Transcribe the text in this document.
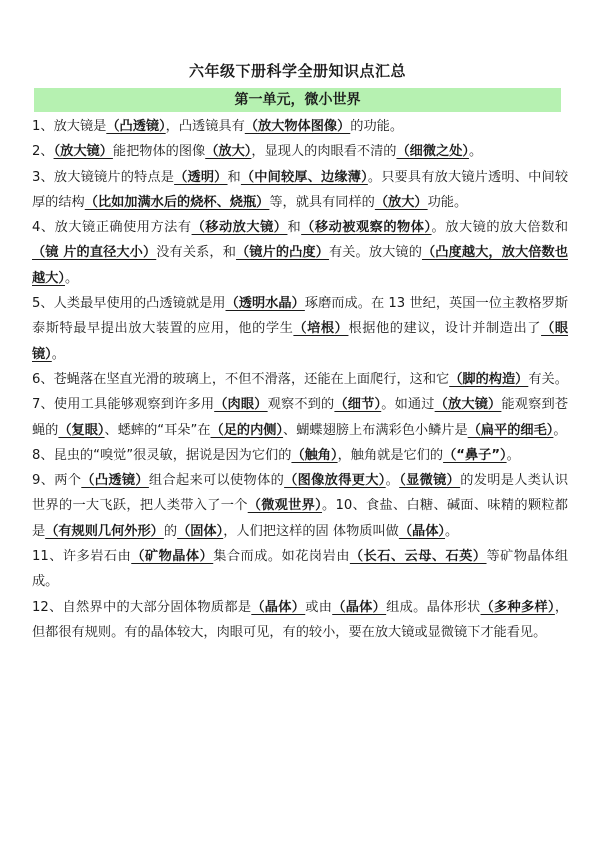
六年级下册科学全册知识点汇总
第一单元，微小世界

1、放大镜是（凸透镜），凸透镜具有（放大物体图像）的功能。

2、（放大镜）能把物体的图像（放大），显现人的肉眼看不清的（细微之处）。

3、放大镜镜片的特点是（透明）和（中间较厚、边缘薄）。只要具有放大镜片透明、中间较 厚的结构（比如加满水后的烧杯、烧瓶）等，就具有同样的（放大）功能。

4、放大镜正确使用方法有（移动放大镜）和（移动被观察的物体）。放大镜的放大倍数和（镜 片的直径大小）没有关系，和（镜片的凸度）有关。放大镜的（凸度越大，放大倍数也越大）。

5、人类最早使用的凸透镜就是用（透明水晶）琢磨而成。在 13 世纪，英国一位主教格罗斯 泰斯特最早提出放大装置的应用，他的学生（培根）根据他的建议，设计并制造出了（眼镜）。

6、苍蝇落在坚直光滑的玻璃上，不但不滑落，还能在上面爬行，这和它（脚的构造）有关。

7、使用工具能够观察到许多用（肉眼）观察不到的（细节）。如通过（放大镜）能观察到苍 蝇的（复眼）、蟋蟀的“耳朵”在（足的内侧）、蝴蝶翅膀上布满彩色小鳞片是（扁平的细毛）。

8、昆虫的“嗅觉”很灵敏，据说是因为它们的（触角），触角就是它们的（“鼻子”）。

9、两个（凸透镜）组合起来可以使物体的（图像放得更大）。（显微镜）的发明是人类认识 世界的一大飞跃，把人类带入了一个（微观世界）。10、食盐、白糖、碱面、味精的颗粒都是（有规则几何外形）的（固体），人们把这样的固 体物质叫做（晶体）。

11、许多岩石由（矿物晶体）集合而成。如花岗岩由（长石、云母、石英）等矿物晶体组成。

12、自然界中的大部分固体物质都是（晶体）或由（晶体）组成。晶体形状（多种多样）， 但都很有规则。有的晶体较大，肉眼可见，有的较小，要在放大镜或显微镜下才能看见。
